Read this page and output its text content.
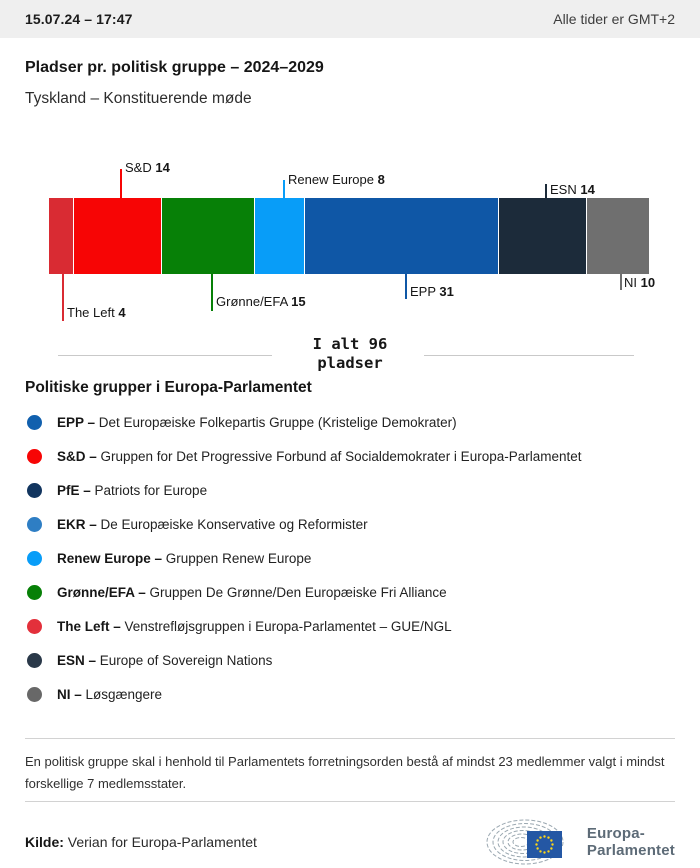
15.07.24 – 17:47	Alle tider er GMT+2
Pladser pr. politisk gruppe – 2024–2029
Tyskland – Konstituerende møde
I alt 96
pladser
The Left 4
S&D 14
Grønne/EFA 15
Renew Europe 8
EPP 31
ESN 14
NI 10
Politiske grupper i Europa-Parlamentet
EPP – Det Europæiske Folkepartis Gruppe (Kristelige Demokrater)
S&D – Gruppen for Det Progressive Forbund af Socialdemokrater i Europa-Parlamentet
PfE – Patriots for Europe
EKR – De Europæiske Konservative og Reformister
Renew Europe – Gruppen Renew Europe
Grønne/EFA – Gruppen De Grønne/Den Europæiske Fri Alliance
The Left – Venstrefløjsgruppen i Europa-Parlamentet – GUE/NGL
ESN – Europe of Sovereign Nations
NI – Løsgængere
En politisk gruppe skal i henhold til Parlamentets forretningsorden bestå af mindst 23 medlemmer valgt i mindst forskellige 7 medlemsstater.
Kilde: Verian for Europa-Parlamentet	Europa-
Parlamentet
